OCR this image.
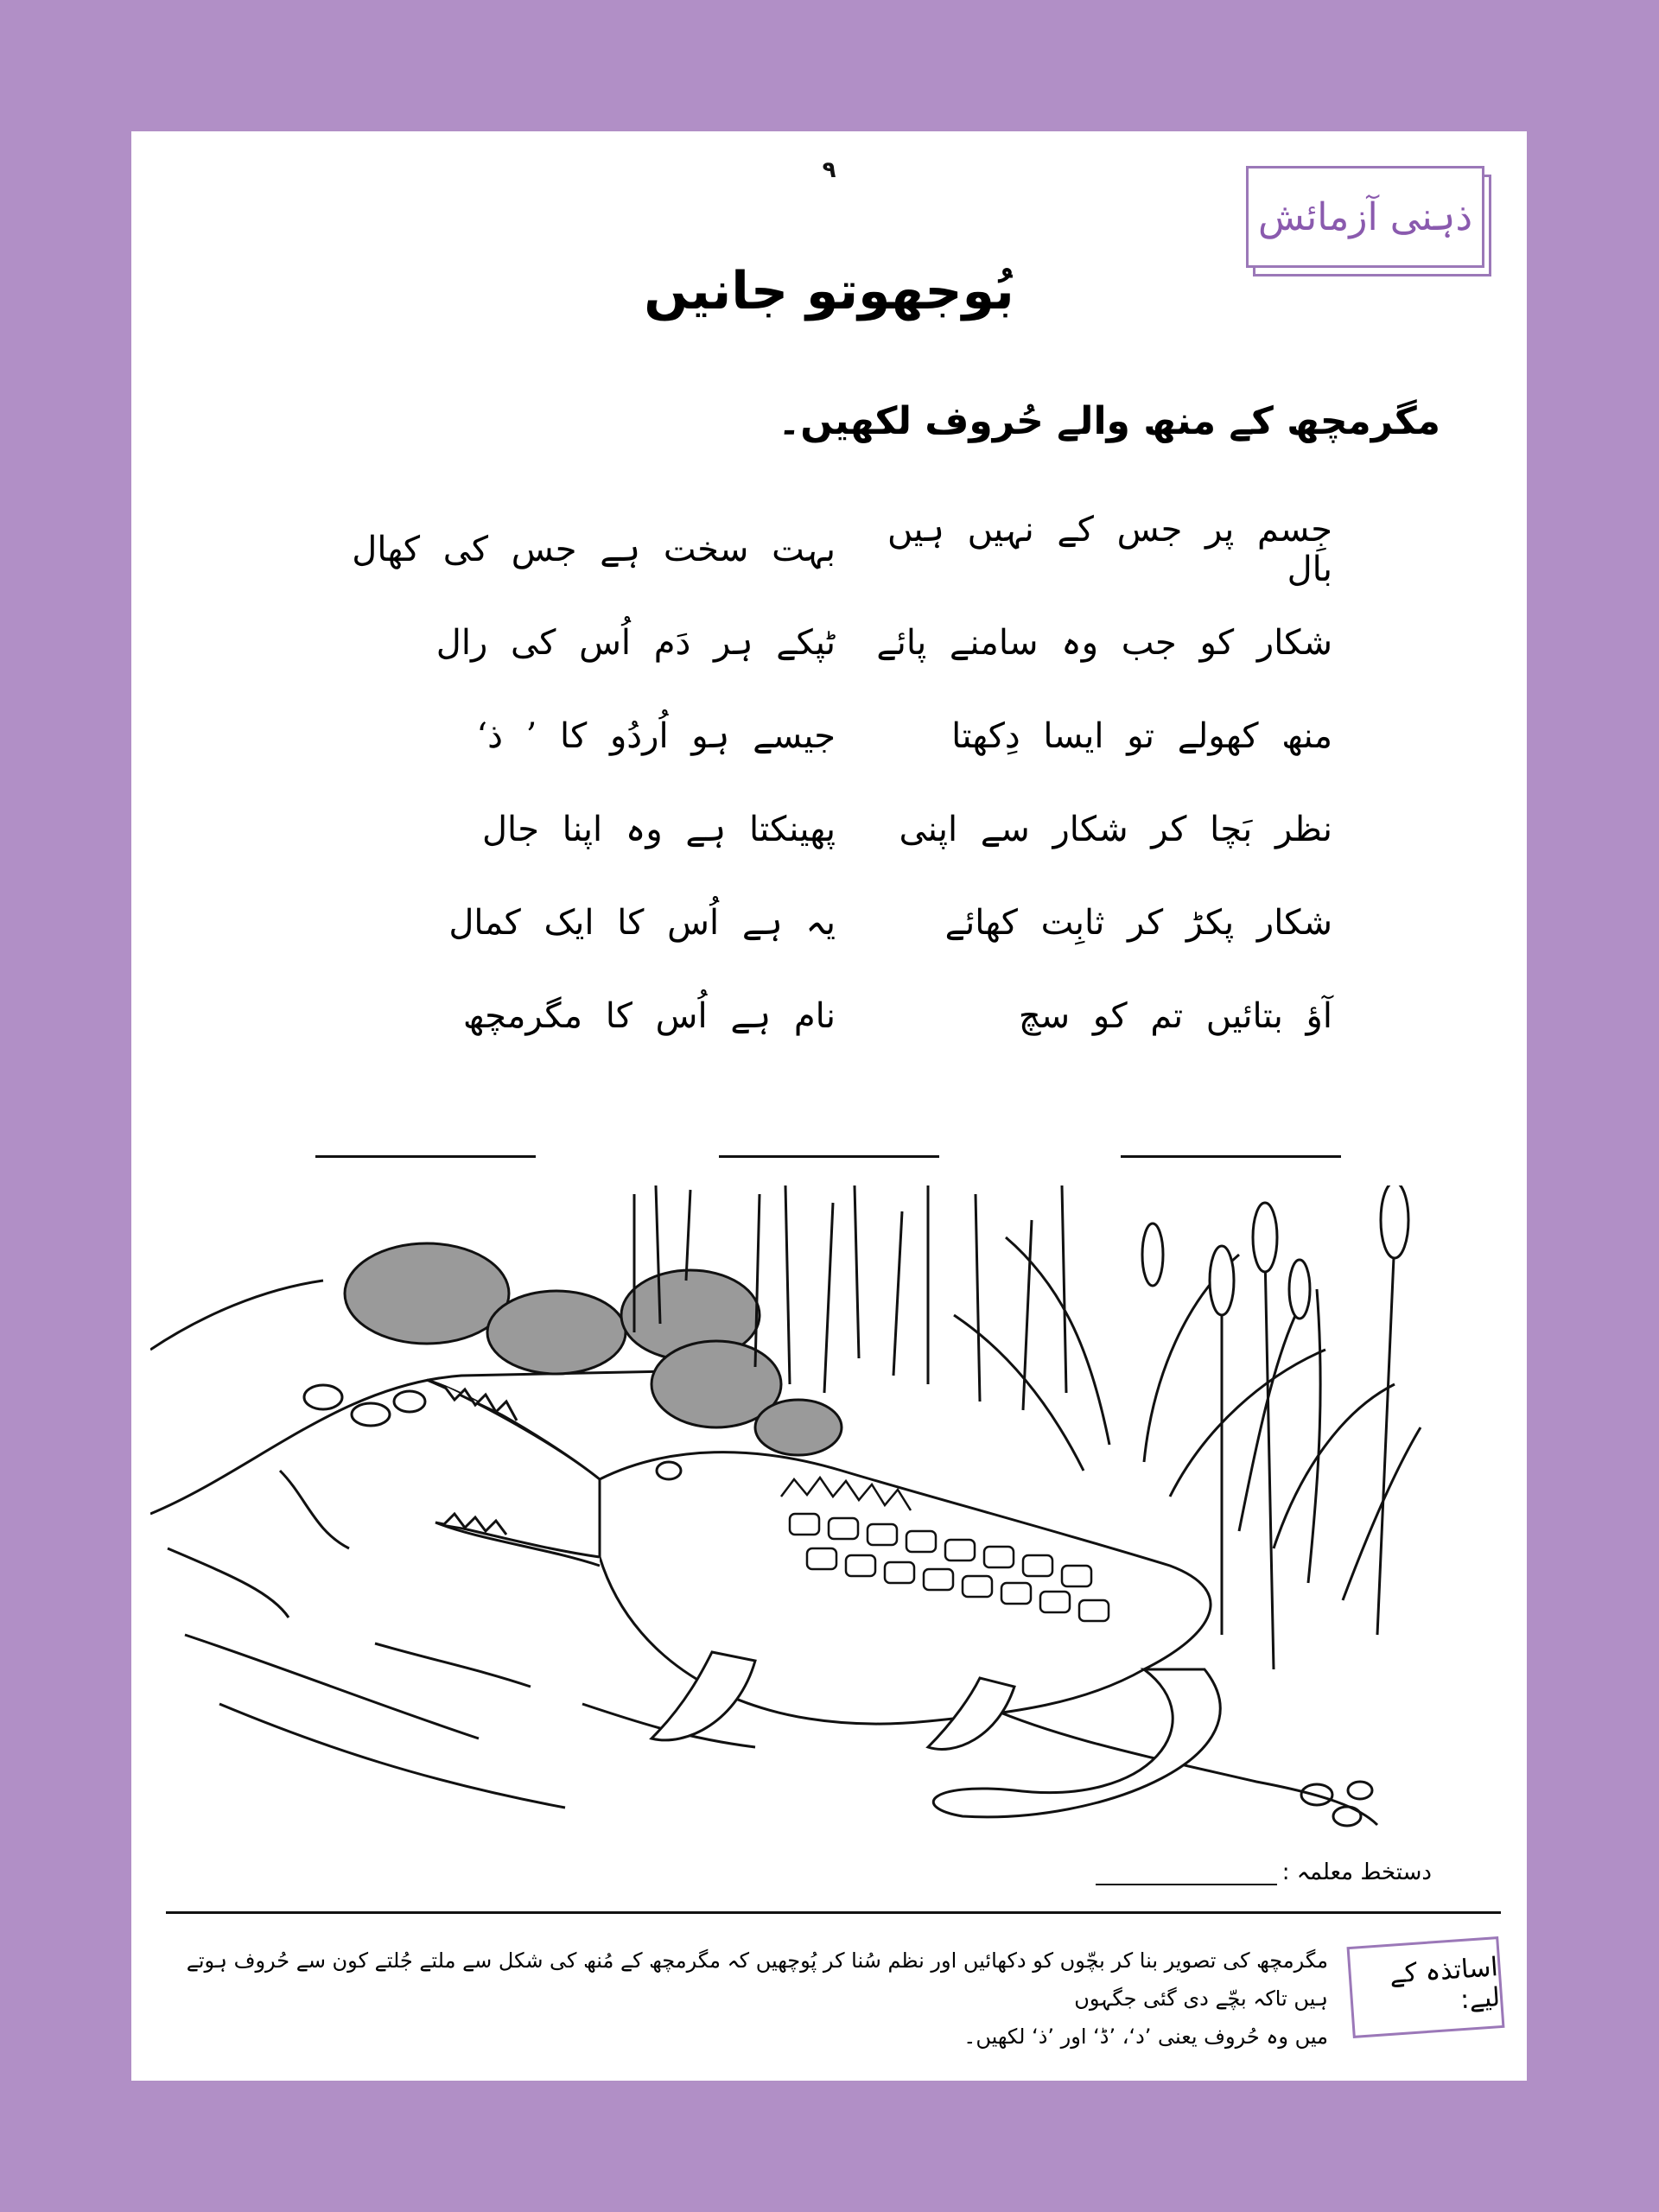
۹
ذہنی آزمائش
بُوجھوتو جانیں
مگرمچھ کے منھ والے حُروف لکھیں۔
جِسم پر جس کے نہیں ہیں بال
بہت سخت ہے جس کی کھال
شکار کو جب وہ سامنے پائے
ٹپکے ہر دَم اُس کی رال
منھ کھولے تو ایسا دِکھتا
جیسے ہو اُردُو کا ’ ذ‘
نظر بَچا کر شکار سے اپنی
پھینکتا ہے وہ اپنا جال
شکار پکڑ کر ثابِت کھائے
یہ ہے اُس کا ایک کمال
آؤ بتائیں تم کو سچ
نام ہے اُس کا مگرمچھ
دستخط معلمہ :
اساتذہ کے لیے:
مگرمچھ کی تصویر بنا کر بچّوں کو دکھائیں اور نظم سُنا کر پُوچھیں کہ مگرمچھ کے مُنھ کی شکل سے ملتے جُلتے کون سے حُروف ہوتے ہیں تاکہ بچّے دی گئی جگہوں
میں وہ حُروف یعنی ’د‘، ’ڈ‘ اور ’ذ‘ لکھیں۔
